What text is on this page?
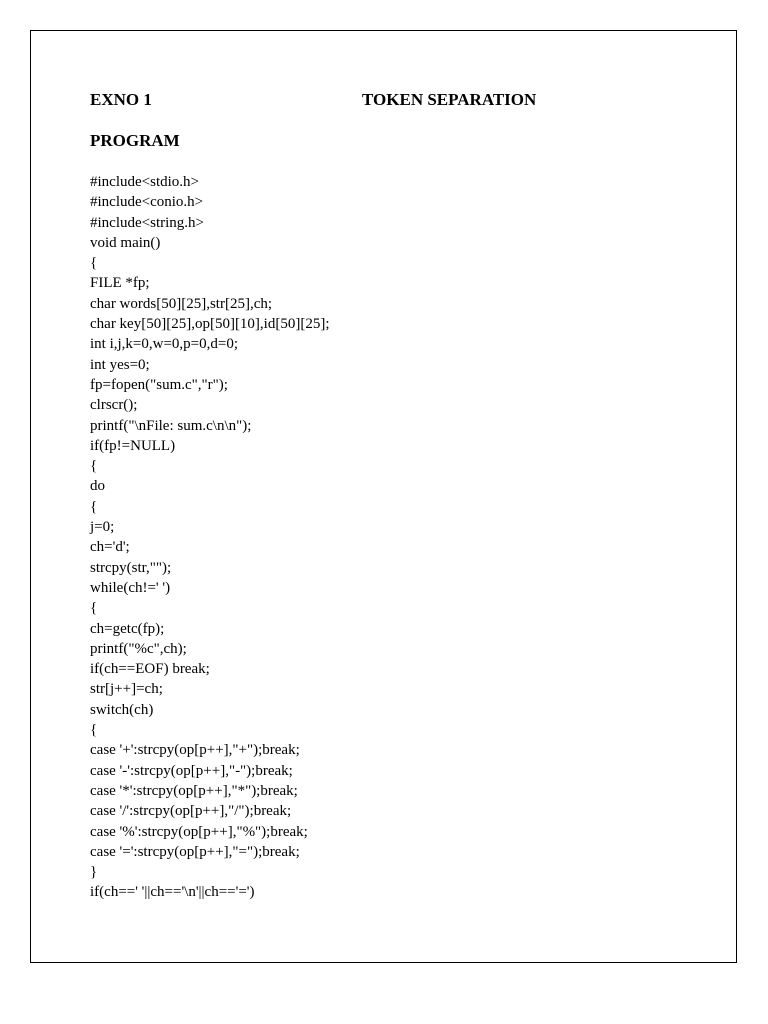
EXNO 1	TOKEN SEPARATION
PROGRAM
#include<stdio.h>
#include<conio.h>
#include<string.h>
void main()
{
FILE *fp;
char words[50][25],str[25],ch;
char key[50][25],op[50][10],id[50][25];
int i,j,k=0,w=0,p=0,d=0;
int yes=0;
fp=fopen("sum.c","r");
clrscr();
printf("\nFile: sum.c\n\n");
if(fp!=NULL)
{
do
{
j=0;
ch='d';
strcpy(str,"");
while(ch!=' ')
{
ch=getc(fp);
printf("%c",ch);
if(ch==EOF) break;
str[j++]=ch;
switch(ch)
{
case '+':strcpy(op[p++],"+");break;
case '-':strcpy(op[p++],"-");break;
case '*':strcpy(op[p++],"*");break;
case '/':strcpy(op[p++],"/");break;
case '%':strcpy(op[p++],"%");break;
case '=':strcpy(op[p++],"=");break;
}
if(ch==' '||ch=='\n'||ch=='=')
